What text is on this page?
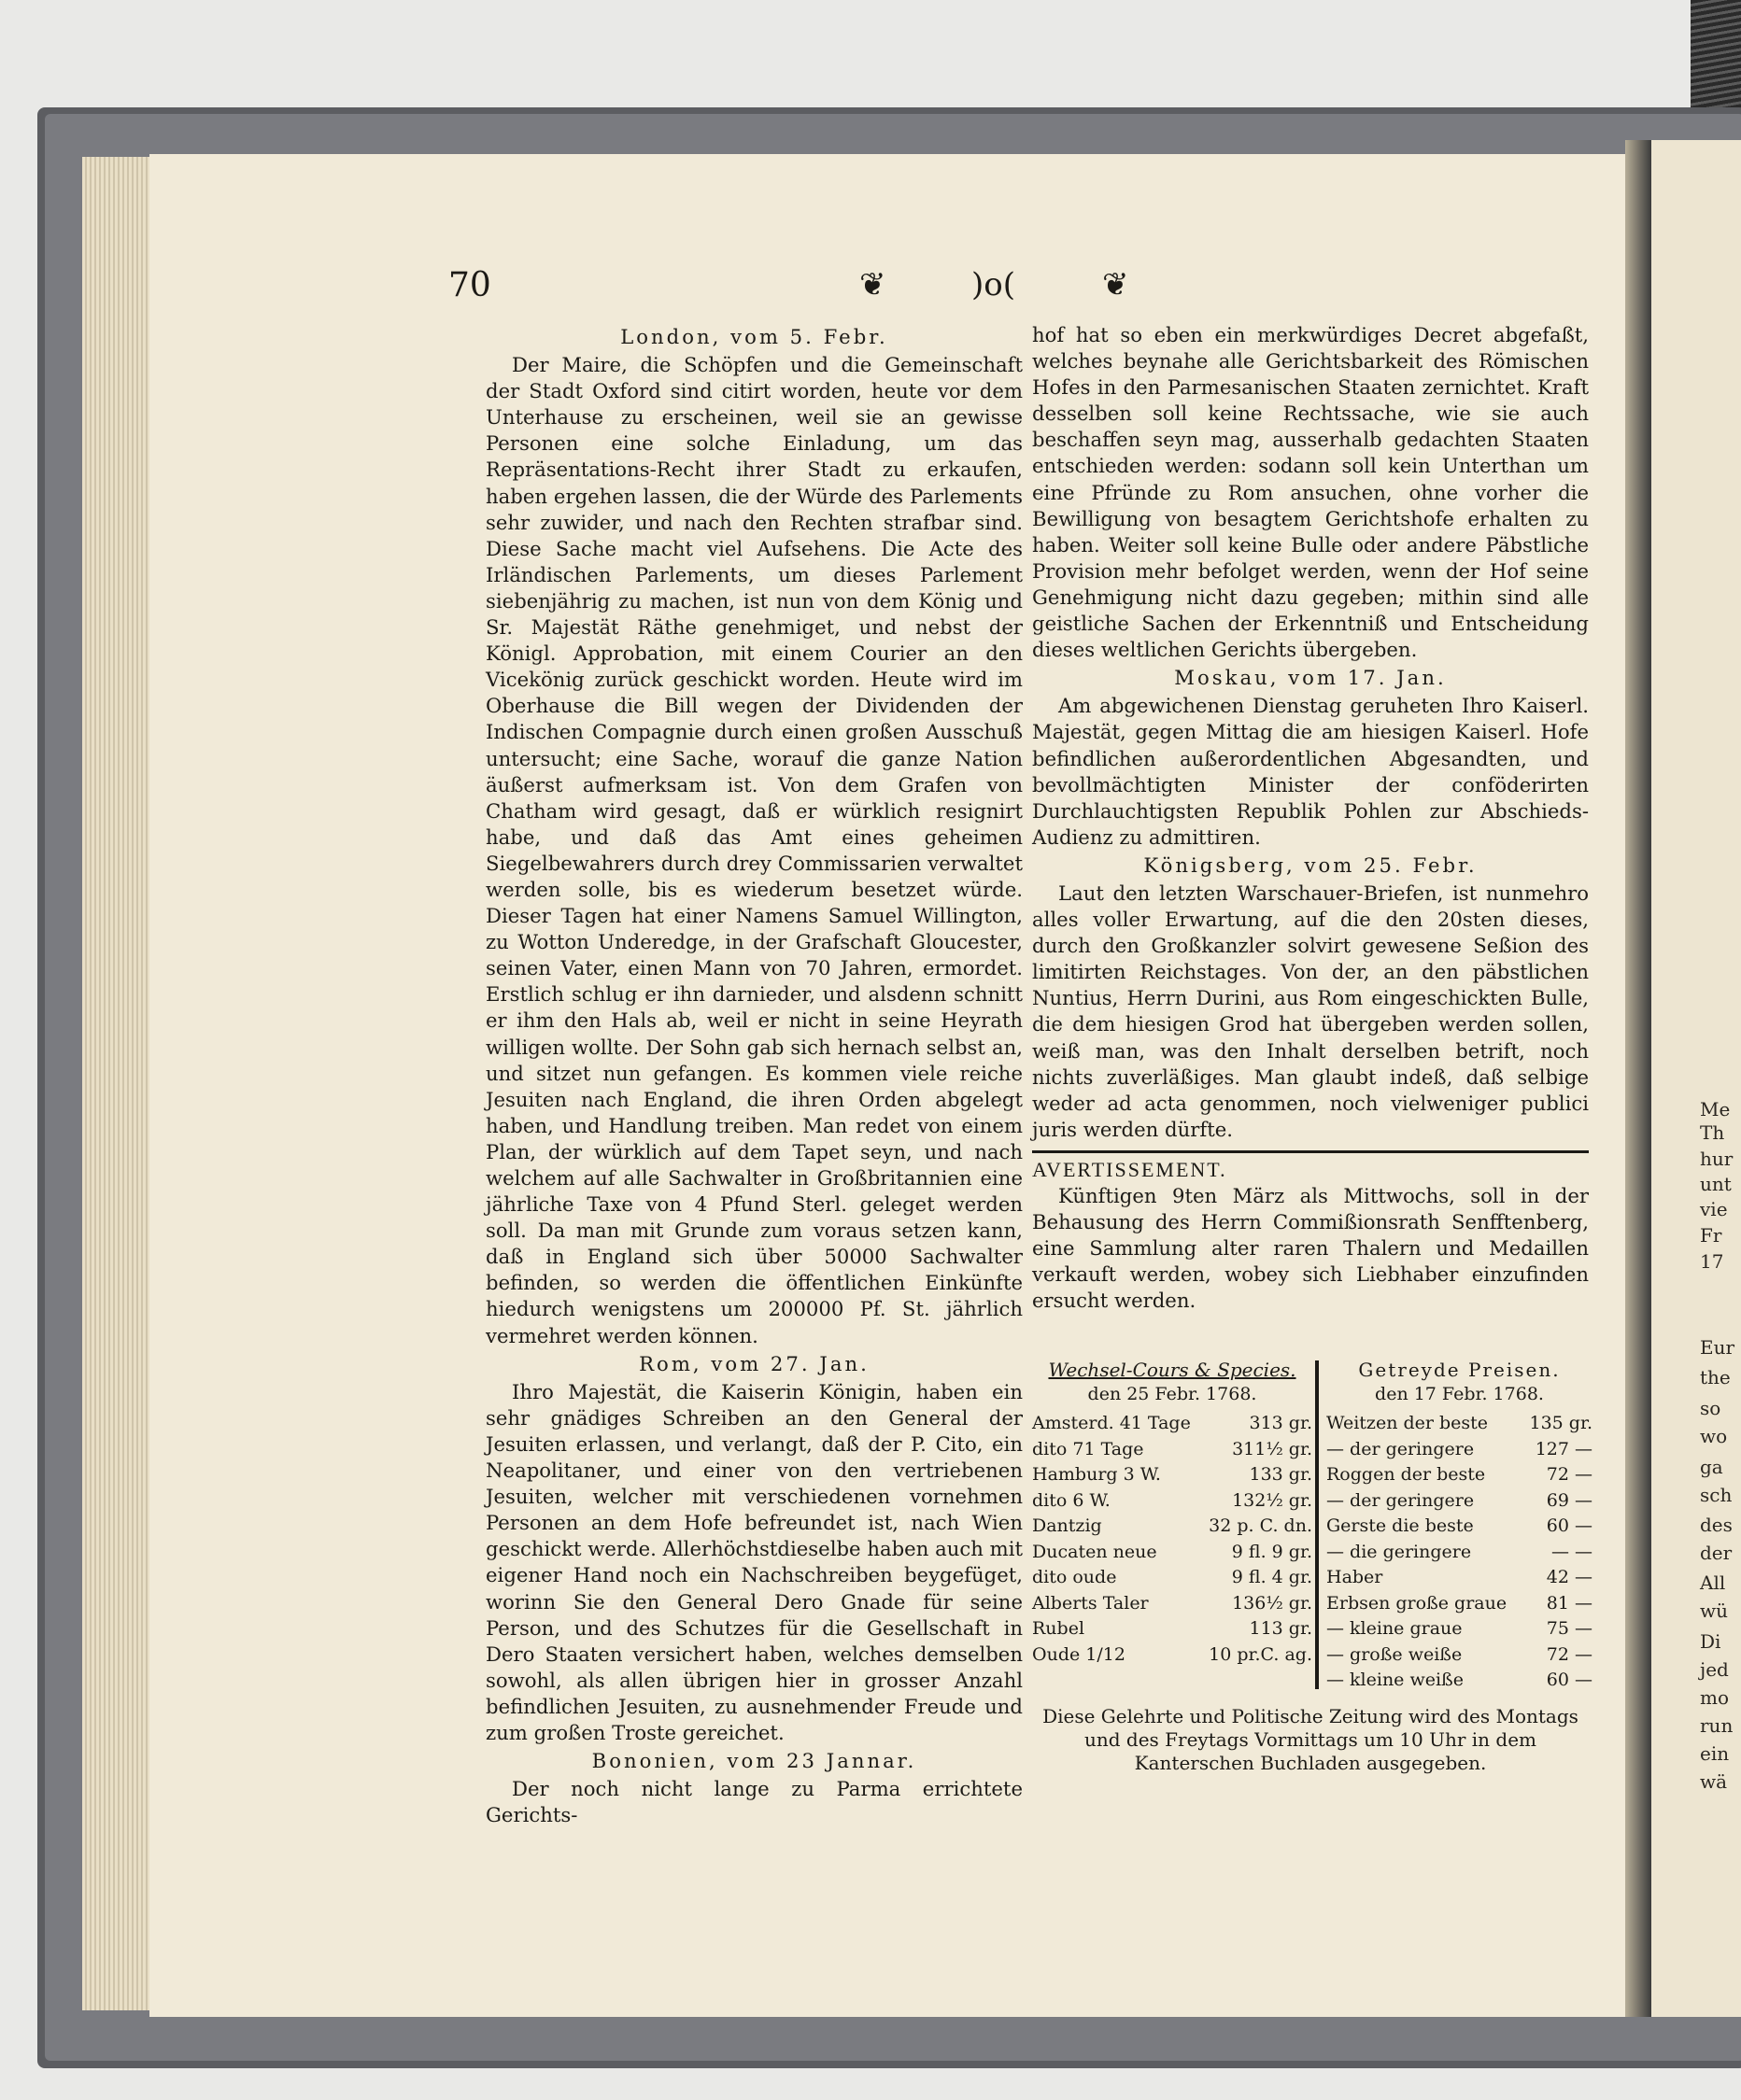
70	❦	)o(	❦

London, vom 5. Febr.

Der Maire, die Schöpfen und die Gemeinschaft der Stadt Oxford sind citirt worden, heute vor dem Unterhause zu erscheinen, weil sie an gewisse Personen eine solche Einladung, um das Repräsentations-Recht ihrer Stadt zu erkaufen, haben ergehen lassen, die der Würde des Parlements sehr zuwider, und nach den Rechten strafbar sind. Diese Sache macht viel Aufsehens. Die Acte des Irländischen Parlements, um dieses Parlement siebenjährig zu machen, ist nun von dem König und Sr. Majestät Räthe genehmiget, und nebst der Königl. Approbation, mit einem Courier an den Vicekönig zurück geschickt worden. Heute wird im Oberhause die Bill wegen der Dividenden der Indischen Compagnie durch einen großen Ausschuß untersucht; eine Sache, worauf die ganze Nation äußerst aufmerksam ist. Von dem Grafen von Chatham wird gesagt, daß er würklich resignirt habe, und daß das Amt eines geheimen Siegelbewahrers durch drey Commissarien verwaltet werden solle, bis es wiederum besetzet würde. Dieser Tagen hat einer Namens Samuel Willington, zu Wotton Underedge, in der Grafschaft Gloucester, seinen Vater, einen Mann von 70 Jahren, ermordet. Erstlich schlug er ihn darnieder, und alsdenn schnitt er ihm den Hals ab, weil er nicht in seine Heyrath willigen wollte. Der Sohn gab sich hernach selbst an, und sitzet nun gefangen. Es kommen viele reiche Jesuiten nach England, die ihren Orden abgelegt haben, und Handlung treiben. Man redet von einem Plan, der würklich auf dem Tapet seyn, und nach welchem auf alle Sachwalter in Großbritannien eine jährliche Taxe von 4 Pfund Sterl. geleget werden soll. Da man mit Grunde zum voraus setzen kann, daß in England sich über 50000 Sachwalter befinden, so werden die öffentlichen Einkünfte hiedurch wenigstens um 200000 Pf. St. jährlich vermehret werden können.

Rom, vom 27. Jan.

Ihro Majestät, die Kaiserin Königin, haben ein sehr gnädiges Schreiben an den General der Jesuiten erlassen, und verlangt, daß der P. Cito, ein Neapolitaner, und einer von den vertriebenen Jesuiten, welcher mit verschiedenen vornehmen Personen an dem Hofe befreundet ist, nach Wien geschickt werde. Allerhöchstdieselbe haben auch mit eigener Hand noch ein Nachschreiben beygefüget, worinn Sie den General Dero Gnade für seine Person, und des Schutzes für die Gesellschaft in Dero Staaten versichert haben, welches demselben sowohl, als allen übrigen hier in grosser Anzahl befindlichen Jesuiten, zu ausnehmender Freude und zum großen Troste gereichet.

Bononien, vom 23 Jannar.

Der noch nicht lange zu Parma errichtete Gerichts-

hof hat so eben ein merkwürdiges Decret abgefaßt, welches beynahe alle Gerichtsbarkeit des Römischen Hofes in den Parmesanischen Staaten zernichtet. Kraft desselben soll keine Rechtssache, wie sie auch beschaffen seyn mag, ausserhalb gedachten Staaten entschieden werden: sodann soll kein Unterthan um eine Pfründe zu Rom ansuchen, ohne vorher die Bewilligung von besagtem Gerichtshofe erhalten zu haben. Weiter soll keine Bulle oder andere Päbstliche Provision mehr befolget werden, wenn der Hof seine Genehmigung nicht dazu gegeben; mithin sind alle geistliche Sachen der Erkenntniß und Entscheidung dieses weltlichen Gerichts übergeben.

Moskau, vom 17. Jan.

Am abgewichenen Dienstag geruheten Ihro Kaiserl. Majestät, gegen Mittag die am hiesigen Kaiserl. Hofe befindlichen außerordentlichen Abgesandten, und bevollmächtigten Minister der conföderirten Durchlauchtigsten Republik Pohlen zur Abschieds-Audienz zu admittiren.

Königsberg, vom 25. Febr.

Laut den letzten Warschauer-Briefen, ist nunmehro alles voller Erwartung, auf die den 20sten dieses, durch den Großkanzler solvirt gewesene Seßion des limitirten Reichstages. Von der, an den päbstlichen Nuntius, Herrn Durini, aus Rom eingeschickten Bulle, die dem hiesigen Grod hat übergeben werden sollen, weiß man, was den Inhalt derselben betrift, noch nichts zuverläßiges. Man glaubt indeß, daß selbige weder ad acta genommen, noch vielweniger publici juris werden dürfte.

AVERTISSEMENT.

Künftigen 9ten März als Mittwochs, soll in der Behausung des Herrn Commißionsrath Senfftenberg, eine Sammlung alter raren Thalern und Medaillen verkauft werden, wobey sich Liebhaber einzufinden ersucht werden.

Wechsel-Cours & Species.
den 25 Febr. 1768.
Amsterd. 41 Tage	313 gr.
dito 71 Tage	311½ gr.
Hamburg 3 W.	133 gr.
dito 6 W.	132½ gr.
Dantzig	32 p. C. dn.
Ducaten neue	9 fl. 9 gr.
dito oude	9 fl. 4 gr.
Alberts Taler	136½ gr.
Rubel	113 gr.
Oude 1/12	10 pr.C. ag.
Getreyde Preisen.
den 17 Febr. 1768.
Weitzen der beste 135 gr.
— der geringere	127 —
Roggen der beste	72 —
— der geringere	69 —
Gerste die beste	60 —
— die geringere	— —
Haber	42 —
Erbsen große graue 81 —
— kleine graue	75 —
— große weiße	72 —
— kleine weiße	60 —
Diese Gelehrte und Politische Zeitung wird des Montags und des Freytags Vormittags um 10 Uhr in dem Kanterschen Buchladen ausgegeben.
Me
Th
hur
unt
vie
Fr
17
Eur
the
so
wo
ga
sch
des
der
All
wü
Di
jed
mo
run
ein
wä
